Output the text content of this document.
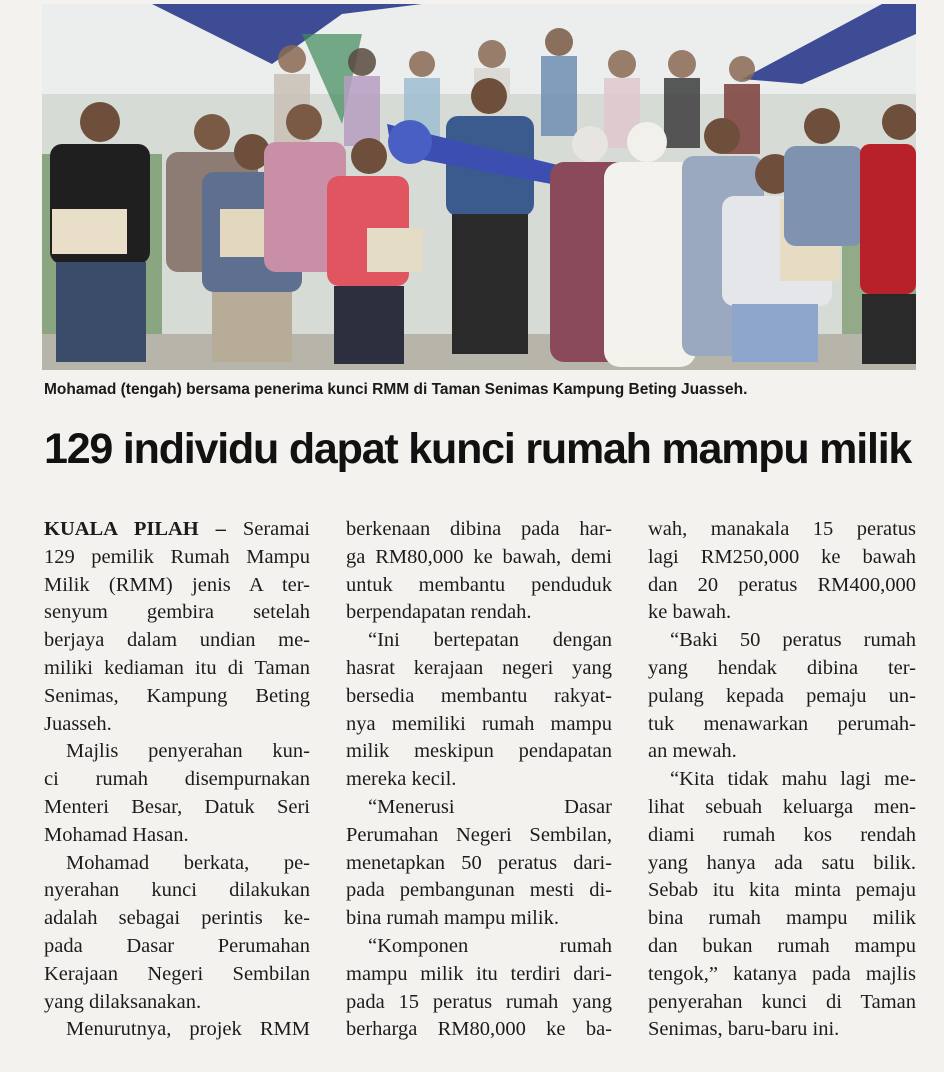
Mohamad (tengah) bersama penerima kunci RMM di Taman Senimas Kampung Beting Juasseh.
129 individu dapat kunci rumah mampu milik
KUALA PILAH – Seramai
129 pemilik Rumah Mampu
Milik (RMM) jenis A ter-
senyum gembira setelah
berjaya dalam undian me-
miliki kediaman itu di Taman
Senimas, Kampung Beting
Juasseh.
Majlis penyerahan kun-
ci rumah disempurnakan
Menteri Besar, Datuk Seri
Mohamad Hasan.
Mohamad berkata, pe-
nyerahan kunci dilakukan
adalah sebagai perintis ke-
pada Dasar Perumahan
Kerajaan Negeri Sembilan
yang dilaksanakan.
Menurutnya, projek RMM
berkenaan dibina pada har-
ga RM80,000 ke bawah, demi
untuk membantu penduduk
berpendapatan rendah.
“Ini bertepatan dengan
hasrat kerajaan negeri yang
bersedia membantu rakyat-
nya memiliki rumah mampu
milik meskipun pendapatan
mereka kecil.
“Menerusi Dasar
Perumahan Negeri Sembilan,
menetapkan 50 peratus dari-
pada pembangunan mesti di-
bina rumah mampu milik.
“Komponen rumah
mampu milik itu terdiri dari-
pada 15 peratus rumah yang
berharga RM80,000 ke ba-
wah, manakala 15 peratus
lagi RM250,000 ke bawah
dan 20 peratus RM400,000
ke bawah.
“Baki 50 peratus rumah
yang hendak dibina ter-
pulang kepada pemaju un-
tuk menawarkan perumah-
an mewah.
“Kita tidak mahu lagi me-
lihat sebuah keluarga men-
diami rumah kos rendah
yang hanya ada satu bilik.
Sebab itu kita minta pemaju
bina rumah mampu milik
dan bukan rumah mampu
tengok,” katanya pada majlis
penyerahan kunci di Taman
Senimas, baru-baru ini.
